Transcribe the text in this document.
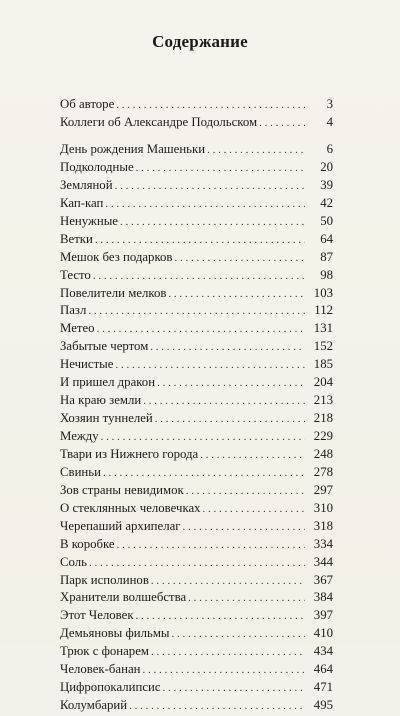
Содержание
Об авторе . . .	3
Коллеги об Александре Подольском . . .	4
День рождения Машеньки . . .	6
Подколодные . . .	20
Земляной . . .	39
Кап-кап . . .	42
Ненужные . . .	50
Ветки . . .	64
Мешок без подарков . . .	87
Тесто . . .	98
Повелители мелков . . .	103
Пазл . . .	112
Метео . . .	131
Забытые чертом . . .	152
Нечистые . . .	185
И пришел дракон . . .	204
На краю земли . . .	213
Хозяин туннелей . . .	218
Между . . .	229
Твари из Нижнего города . . .	248
Свиньи . . .	278
Зов страны невидимок . . .	297
О стеклянных человечках . . .	310
Черепаший архипелаг . . .	318
В коробке . . .	334
Соль . . .	344
Парк исполинов . . .	367
Хранители волшебства . . .	384
Этот Человек . . .	397
Демьяновы фильмы . . .	410
Трюк с фонарем . . .	434
Человек-банан . . .	464
Цифропокалипсис . . .	471
Колумбарий . . .	495
